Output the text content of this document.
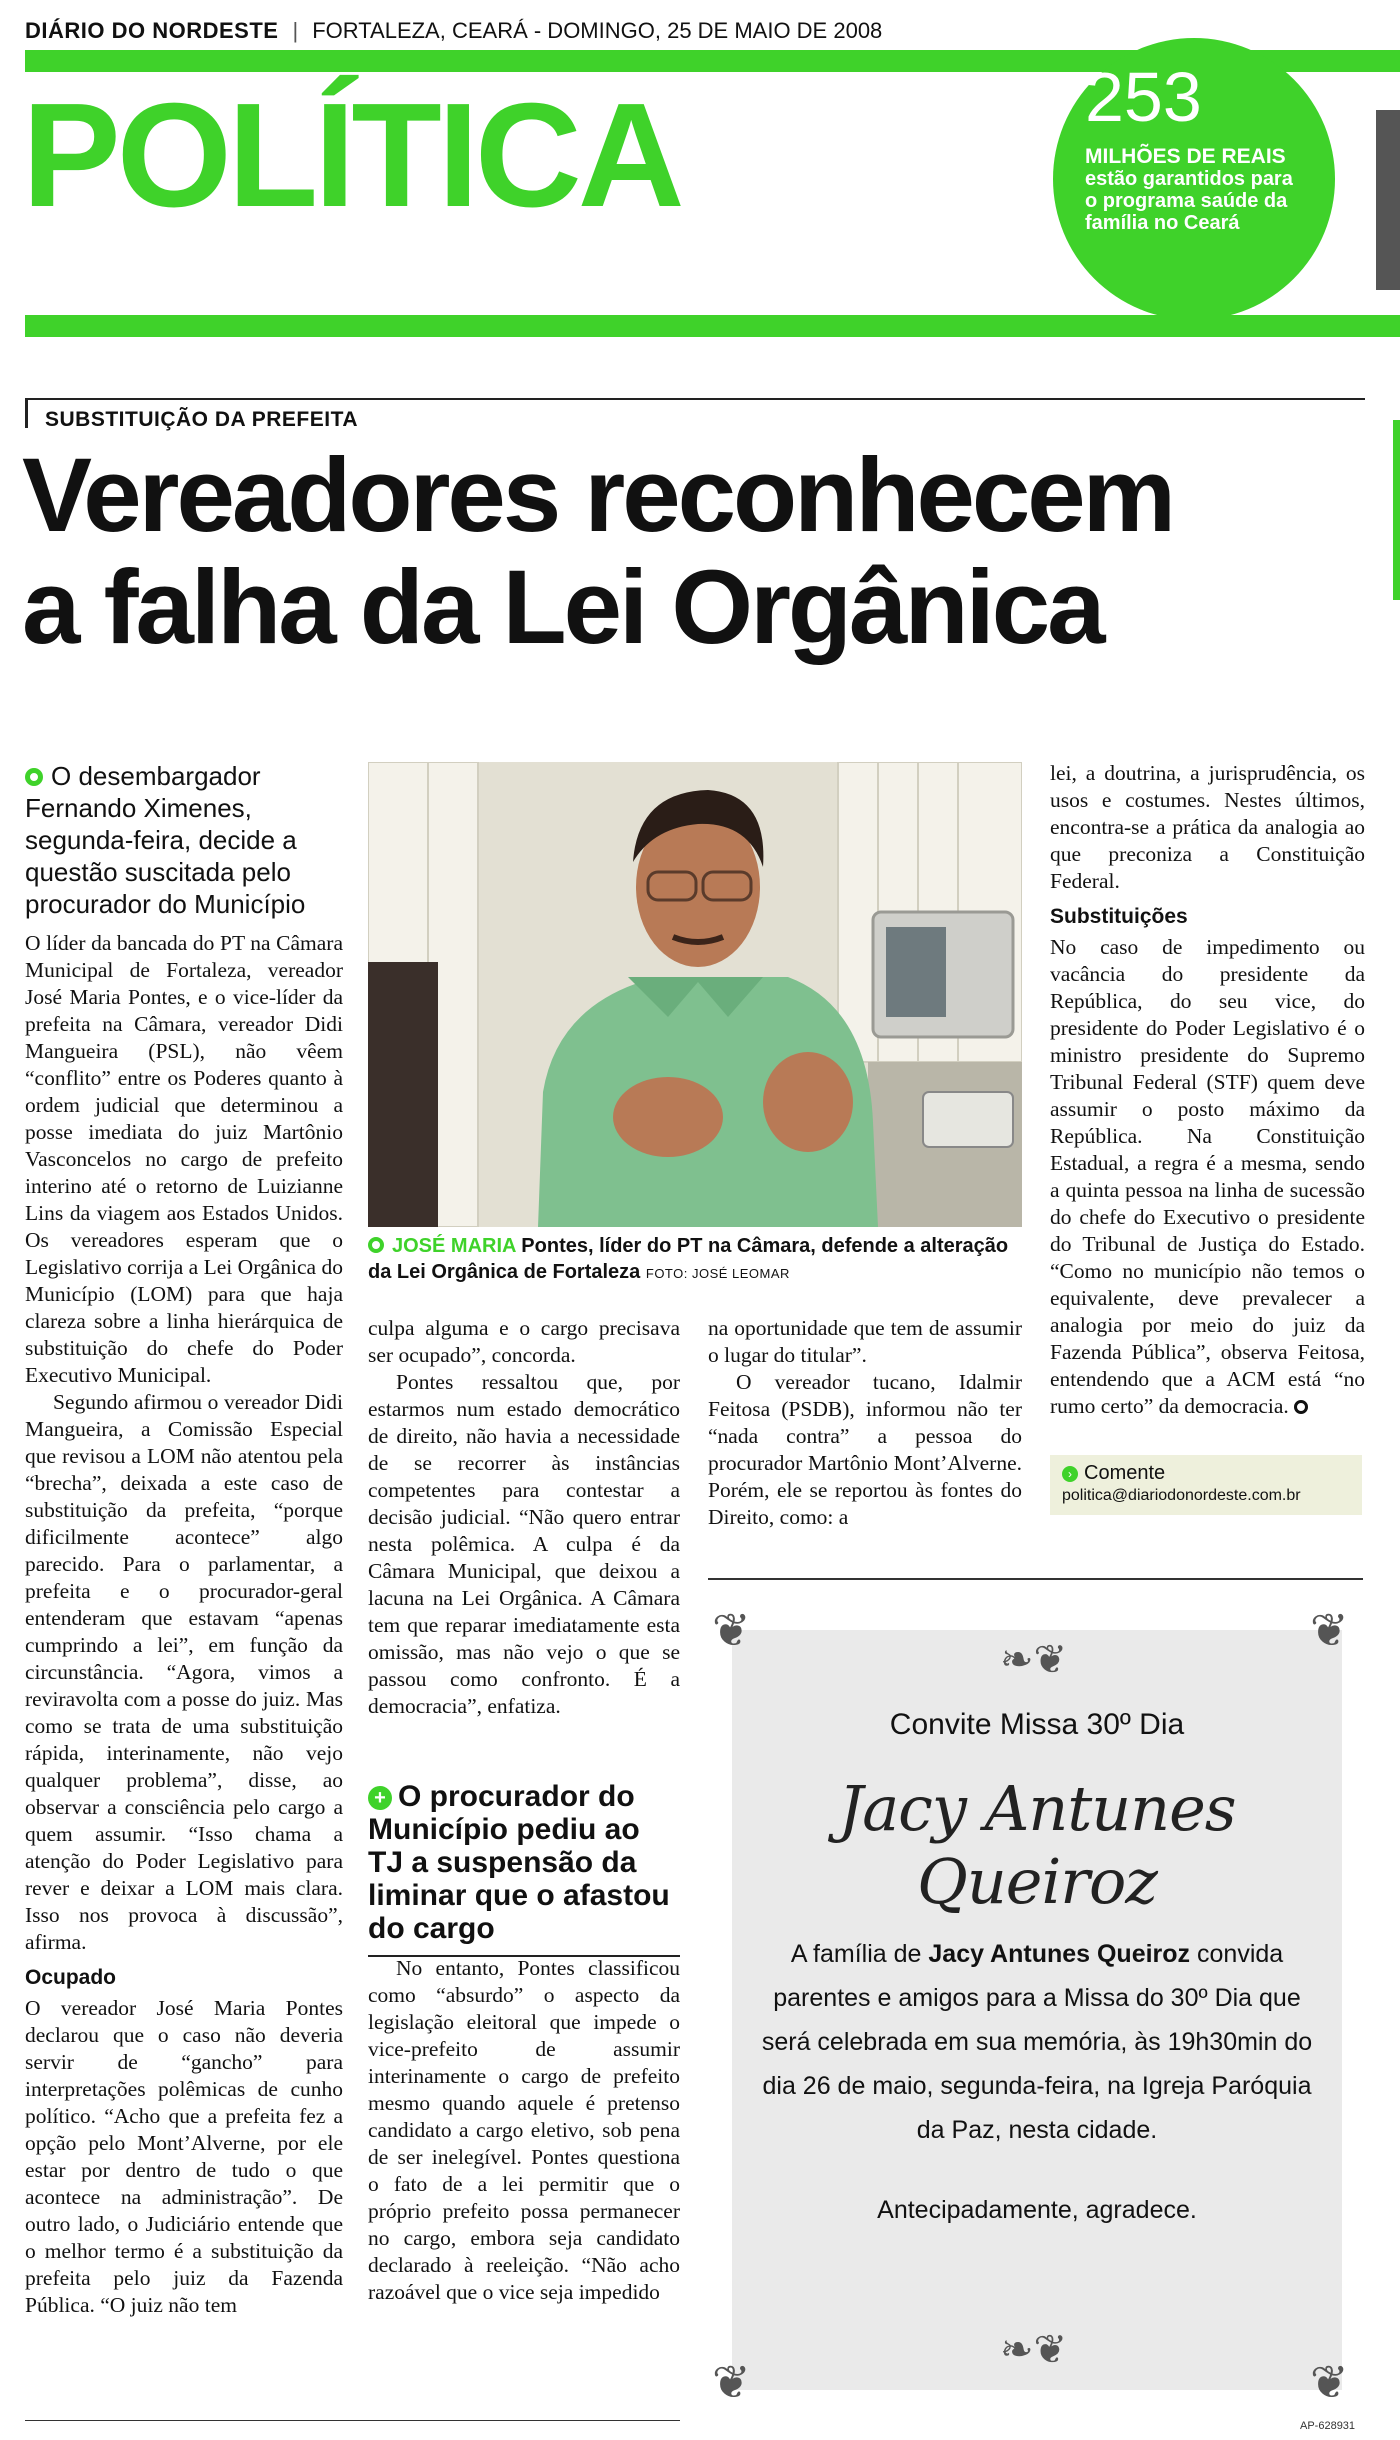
DIÁRIO DO NORDESTE | FORTALEZA, CEARÁ - DOMINGO, 25 DE MAIO DE 2008
POLÍTICA	253
MILHÕES DE REAIS
estão garantidos para o programa saúde da família no Ceará
SUBSTITUIÇÃO DA PREFEITA
Vereadores reconhecem
a falha da Lei Orgânica
O desembargador Fernando Ximenes, segunda-feira, decide a questão suscitada pelo procurador do Município

O líder da bancada do PT na Câmara Municipal de Fortaleza, vereador José Maria Pontes, e o vice-líder da prefeita na Câmara, vereador Didi Mangueira (PSL), não vêem “conflito” entre os Poderes quanto à ordem judicial que determinou a posse imediata do juiz Martônio Vasconcelos no cargo de prefeito interino até o retorno de Luizianne Lins da viagem aos Estados Unidos. Os vereadores esperam que o Legislativo corrija a Lei Orgânica do Município (LOM) para que haja clareza sobre a linha hierárquica de substituição do chefe do Poder Executivo Municipal.

Segundo afirmou o vereador Didi Mangueira, a Comissão Especial que revisou a LOM não atentou pela “brecha”, deixada a este caso de substituição da prefeita, “porque dificilmente acontece” algo parecido. Para o parlamentar, a prefeita e o procurador-geral entenderam que estavam “apenas cumprindo a lei”, em função da circunstância. “Agora, vimos a reviravolta com a posse do juiz. Mas como se trata de uma substituição rápida, interinamente, não vejo qualquer problema”, disse, ao observar a consciência pelo cargo a quem assumir. “Isso chama a atenção do Poder Legislativo para rever e deixar a LOM mais clara. Isso nos provoca à discussão”, afirma.

Ocupado

O vereador José Maria Pontes declarou que o caso não deveria servir de “gancho” para interpretações polêmicas de cunho político. “Acho que a prefeita fez a opção pelo Mont’Alverne, por ele estar por dentro de tudo o que acontece na administração”. De outro lado, o Judiciário entende que o melhor termo é a substituição da prefeita pelo juiz da Fazenda Pública. “O juiz não tem

JOSÉ MARIA Pontes, líder do PT na Câmara, defende a alteração da Lei Orgânica de Fortaleza FOTO: JOSÉ LEOMAR

culpa alguma e o cargo precisava ser ocupado”, concorda.

Pontes ressaltou que, por estarmos num estado democrático de direito, não havia a necessidade de se recorrer às instâncias competentes para contestar a decisão judicial. “Não quero entrar nesta polêmica. A culpa é da Câmara Municipal, que deixou a lacuna na Lei Orgânica. A Câmara tem que reparar imediatamente esta omissão, mas não vejo o que se passou como confronto. É a democracia”, enfatiza.

+ O procurador do Município pediu ao TJ a suspensão da liminar que o afastou do cargo

No entanto, Pontes classificou como “absurdo” o aspecto da legislação eleitoral que impede o vice-prefeito de assumir interinamente o cargo de prefeito mesmo quando aquele é pretenso candidato a cargo eletivo, sob pena de ser inelegível. Pontes questiona o fato de a lei permitir que o próprio prefeito possa permanecer no cargo, embora seja candidato declarado à reeleição. “Não acho razoável que o vice seja impedido

na oportunidade que tem de assumir o lugar do titular”.

O vereador tucano, Idalmir Feitosa (PSDB), informou não ter “nada contra” a pessoa do procurador Martônio Mont’Alverne. Porém, ele se reportou às fontes do Direito, como: a

lei, a doutrina, a jurisprudência, os usos e costumes. Nestes últimos, encontra-se a prática da analogia ao que preconiza a Constituição Federal.

Substituições

No caso de impedimento ou vacância do presidente da República, do seu vice, do presidente do Poder Legislativo é o ministro presidente do Supremo Tribunal Federal (STF) quem deve assumir o posto máximo da República. Na Constituição Estadual, a regra é a mesma, sendo a quinta pessoa na linha de sucessão do chefe do Executivo o presidente do Tribunal de Justiça do Estado. “Como no município não temos o equivalente, deve prevalecer a analogia por meio do juiz da Fazenda Pública”, observa Feitosa, entendendo que a ACM está “no rumo certo” da democracia.

› Comente
politica@diariodonordeste.com.br
❦	❦
❦	❦
❧❦
❧❦
Convite Missa 30º Dia
Jacy Antunes Queiroz
A família de Jacy Antunes Queiroz convida parentes e amigos para a Missa do 30º Dia que será celebrada em sua memória, às 19h30min do dia 26 de maio, segunda-feira, na Igreja Paróquia da Paz, nesta cidade.
Antecipadamente, agradece.
AP-628931
